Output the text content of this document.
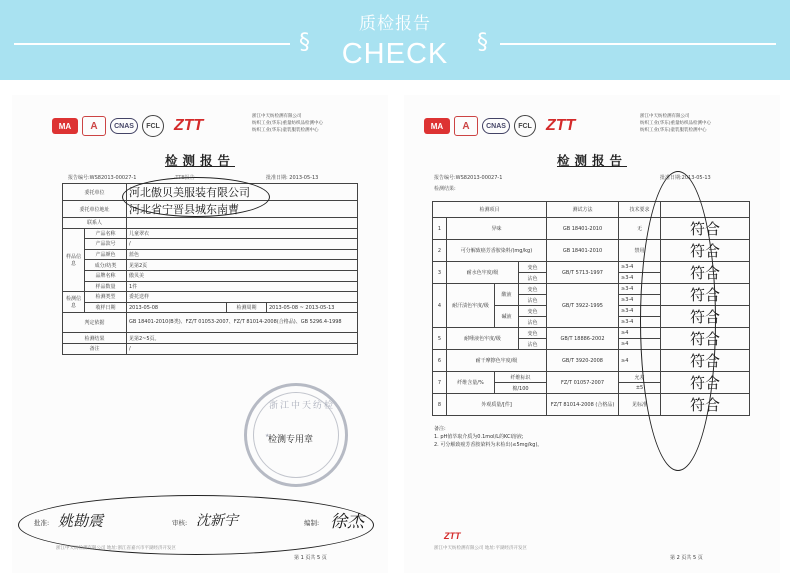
§	§
质检报告
CHECK
MA	A	CNAS	FCL ZTT
浙江中天纺检测有限公司
纺织工业(华东)重量纺织品检测中心
纺织工业(华东)童装服装检测中心
检测报告
报告编号:WS82013-00027-1	批准日期: 2013-05-13
-TTB报告
委托单位		河北傲贝美服装有限公司		
委托单位地址		河北省宁晋县城东南曹		
联系人				
样品信息	产品名称	儿童翠衣		
	产品款号	/		
	产品颜色	蓝色		
	成分/纺类	见第2页		
	品牌名称	傲贝美		
	样品数量	1件		
检测信息	检测类型	委托送样		
	收样日期	2013-05-08	检测周期	2013-05-08 ~ 2013-05-13
判定依据		GB 18401-2010(B类)、FZ/T 01053-2007、FZ/T 81014-2008(合格品)、GB 5296.4-1998		
检测结果		见第2~5页。		
备注		/		
浙江中天纺检
★
检测专用章
批准: 姚勘震	审核: 沈新宇	编制: 徐杰
浙江中天纺检测有限公司 地址:浙江省嘉兴市平湖经济开发区
第 1 页共 5 页
MA	A	CNAS	FCL ZTT
浙江中天纺检测有限公司
纺织工业(华东)重量纺织品检测中心
纺织工业(华东)童装服装检测中心
检测报告
报告编号:WS82013-00027-1	批准日期:2013-05-13
检测结果:
检测项目				测试方法	技术要求	
1	异味			GB 18401-2010	无	符合
2	可分解致癌芳香胺染料/(mg/kg)			GB 18401-2010	禁用	符合
3	耐水色牢度/级		变色	GB/T 5713-1997	≥3-4	符合
			沾色		≥3-4	
4	耐汗渍色牢度/级	酸液	变色	GB/T 3922-1995	≥3-4	符合
			沾色		≥3-4	
		碱液	变色		≥3-4	符合
			沾色		≥3-4	
5	耐唾液色牢度/级		变色	GB/T 18886-2002	≥4	符合
			沾色		≥4	
6	耐干摩擦色牢度/级			GB/T 3920-2008	≥4	符合
7	纤维含量/%	纤维标识		FZ/T 01057-2007	允差	符合
		棉/100			±5	
8	外观质量/[件]			FZ/T 81014-2008 (合格品)	见标准	符合
备注:
1. pH值萃取介质为0.1mol/L的KCl溶液;
2. 可分解致癌芳香胺染料为未检出(≤5mg/kg)。
浙江中天纺检测有限公司 地址:平湖经济开发区
ZTT
第 2 页共 5 页
